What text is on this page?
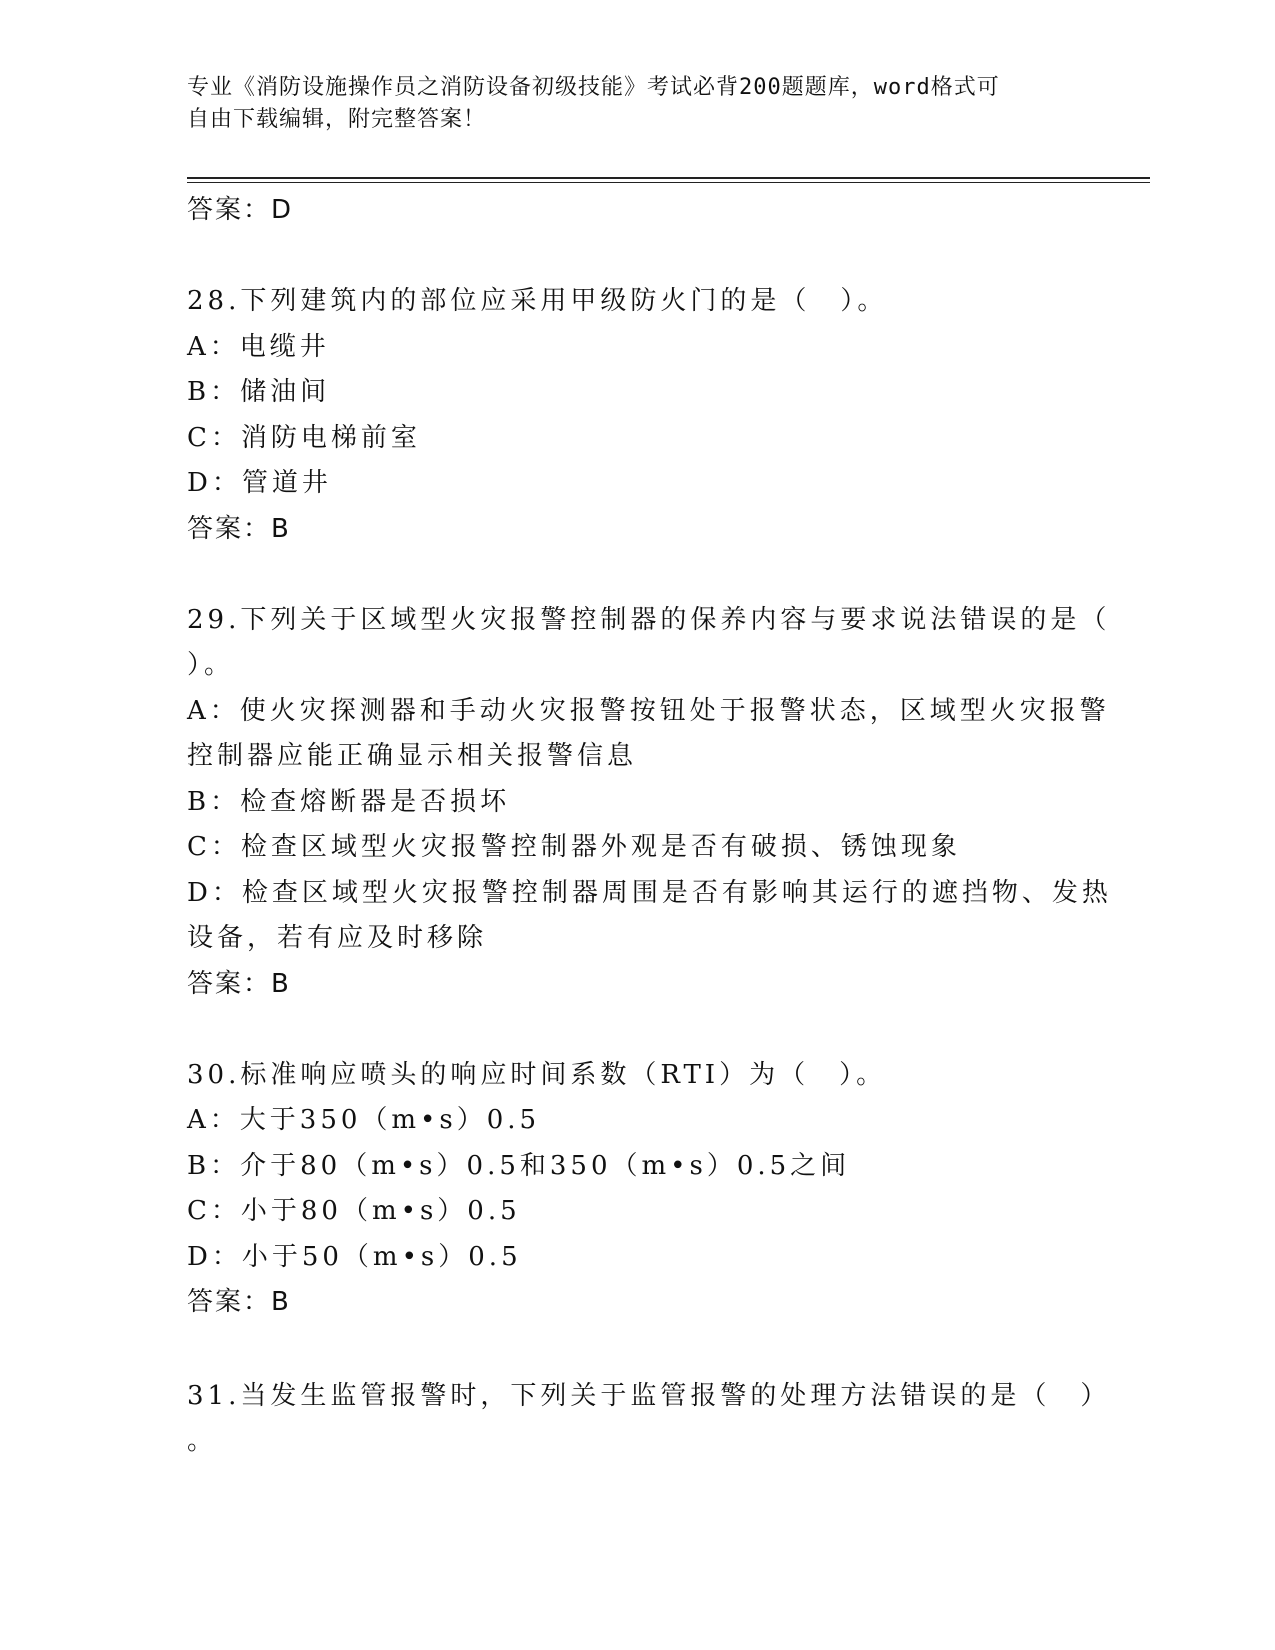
专业《消防设施操作员之消防设备初级技能》考试必背200题题库，word格式可
自由下载编辑，附完整答案！
答案：D
28.下列建筑内的部位应采用甲级防火门的是（　）。
A：电缆井
B：储油间
C：消防电梯前室
D：管道井
答案：B
29.下列关于区域型火灾报警控制器的保养内容与要求说法错误的是（
）。
A：使火灾探测器和手动火灾报警按钮处于报警状态，区域型火灾报警
控制器应能正确显示相关报警信息
B：检查熔断器是否损坏
C：检查区域型火灾报警控制器外观是否有破损、锈蚀现象
D：检查区域型火灾报警控制器周围是否有影响其运行的遮挡物、发热
设备，若有应及时移除
答案：B
30.标准响应喷头的响应时间系数（RTI）为（　）。
A：大于350（m•s）0.5
B：介于80（m•s）0.5和350（m•s）0.5之间
C：小于80（m•s）0.5
D：小于50（m•s）0.5
答案：B
31.当发生监管报警时，下列关于监管报警的处理方法错误的是（　）
。
